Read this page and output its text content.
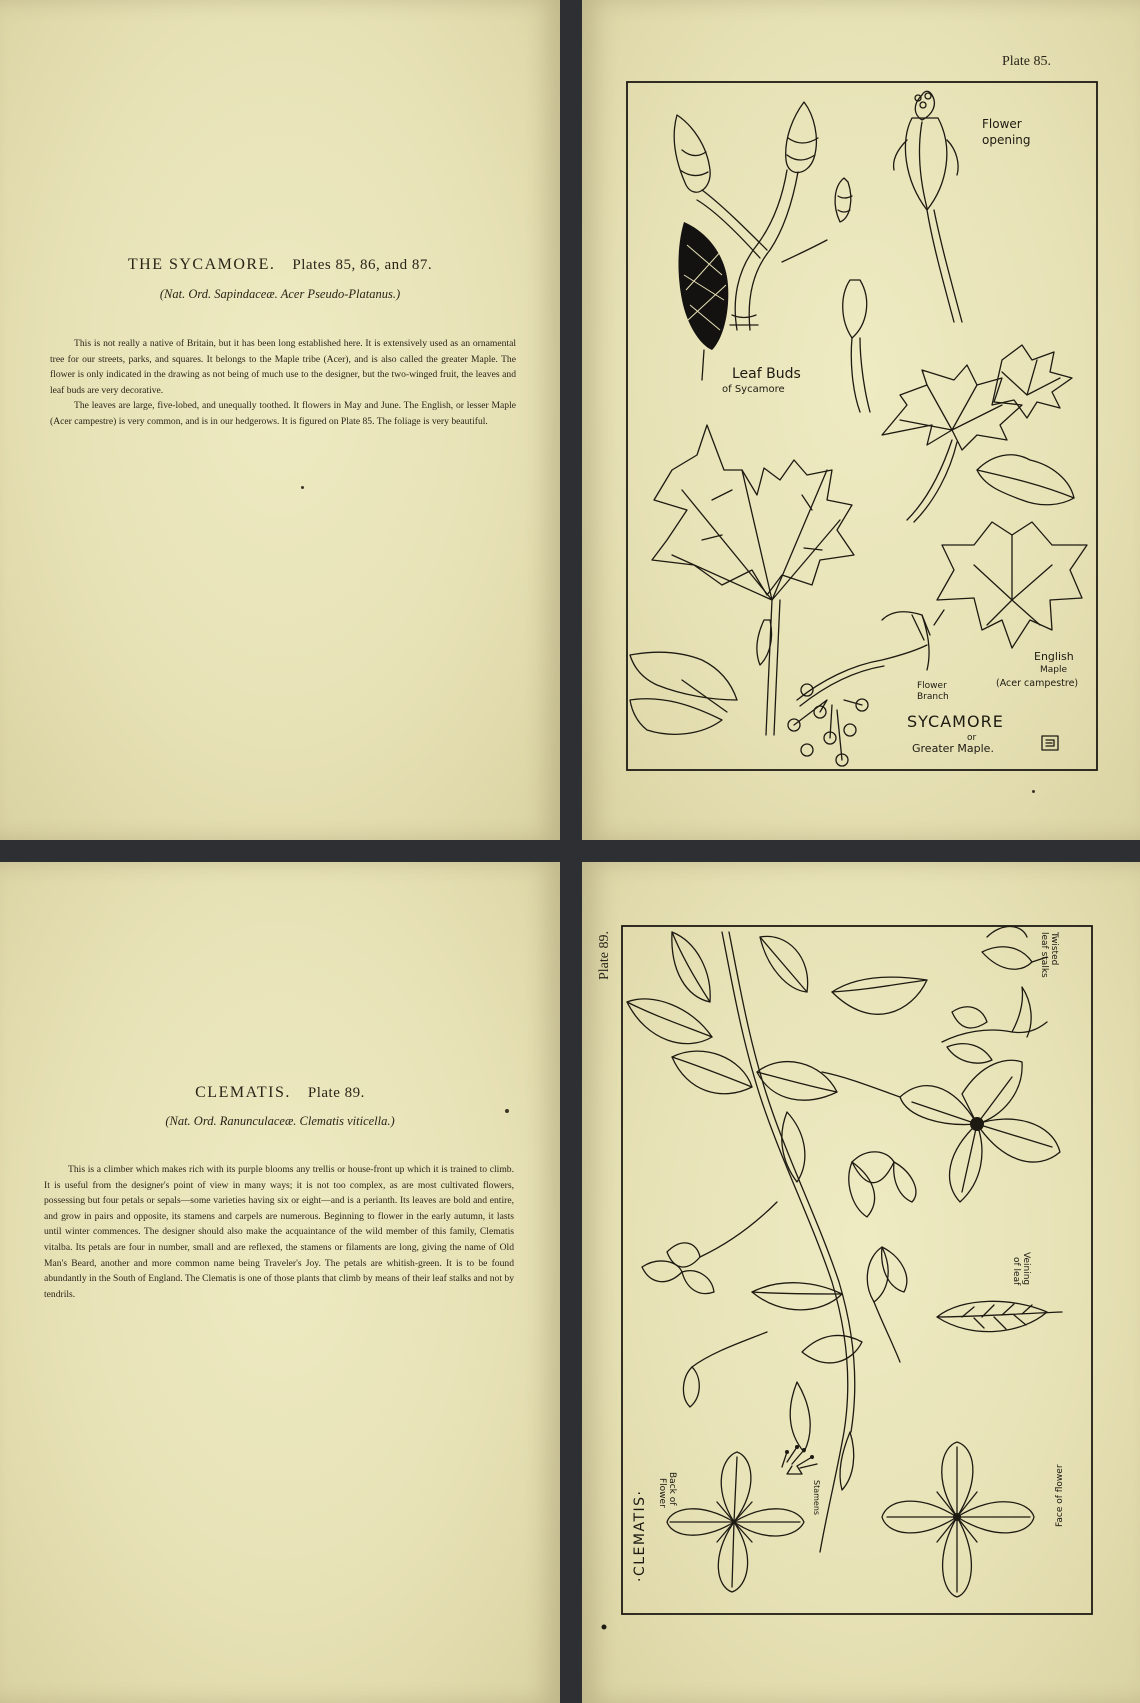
THE SYCAMORE. Plates 85, 86, and 87.
(Nat. Ord. Sapindaceæ. Acer Pseudo-Platanus.)

This is not really a native of Britain, but it has been long established here. It is extensively used as an ornamental tree for our streets, parks, and squares. It belongs to the Maple tribe (Acer), and is also called the greater Maple. The flower is only indicated in the drawing as not being of much use to the designer, but the two-winged fruit, the leaves and leaf buds are very decorative.

The leaves are large, five-lobed, and unequally toothed. It flowers in May and June. The English, or lesser Maple (Acer campestre) is very common, and is in our hedgerows. It is figured on Plate 85. The foliage is very beautiful.

Plate 85.
Leaf Buds
of Sycamore
Flower
opening
English
Maple
(Acer campestre)
Flower
Branch
SYCAMORE
or
Greater Maple.
CLEMATIS. Plate 89.
(Nat. Ord. Ranunculaceæ. Clematis viticella.)

This is a climber which makes rich with its purple blooms any trellis or house-front up which it is trained to climb. It is useful from the designer's point of view in many ways; it is not too complex, as are most cultivated flowers, possessing but four petals or sepals—some varieties having six or eight—and is a perianth. Its leaves are bold and entire, and grow in pairs and opposite, its stamens and carpels are numerous. Beginning to flower in the early autumn, it lasts until winter commences. The designer should also make the acquaintance of the wild member of this family, Clematis vitalba. Its petals are four in number, small and are reflexed, the stamens or filaments are long, giving the name of Old Man's Beard, another and more common name being Traveler's Joy. The petals are whitish-green. It is to be found abundantly in the South of England. The Clematis is one of those plants that climb by means of their leaf stalks and not by tendrils.

Plate 89.	Twisted
leaf stalks
Veining
of leaf
Stamens
Back of
Flower	Face of flower
·CLEMATIS·
